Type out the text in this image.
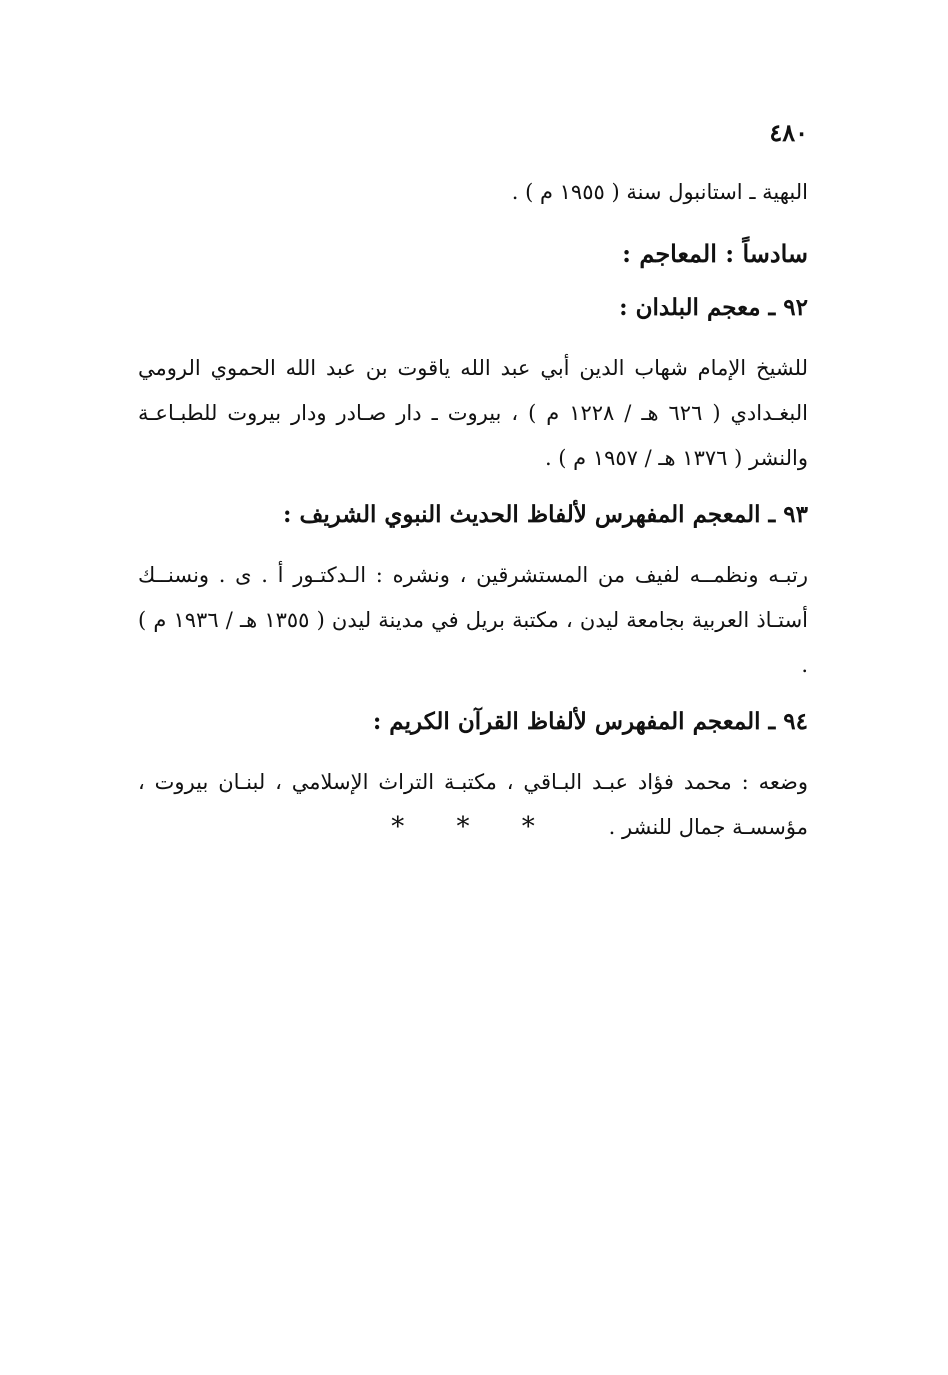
٤٨٠

البهية ـ استانبول سنة ( ١٩٥٥ م ) .

سادساً : المعاجم :
٩٢ ـ معجم البلدان :

للشيخ الإمام شهاب الدين أبي عبد الله ياقوت بن عبد الله الحموي الرومي البغـدادي ( ٦٢٦ هـ / ١٢٢٨ م ) ، بيروت ـ دار صـادر ودار بيروت للطبـاعـة والنشر ( ١٣٧٦ هـ / ١٩٥٧ م ) .

٩٣ ـ المعجم المفهرس لألفاظ الحديث النبوي الشريف :

رتبـه ونظمــه لفيف من المستشرقين ، ونشره : الـدكتـور أ . ى . ونسنــك أستـاذ العربية بجامعة ليدن ، مكتبة بريل في مدينة ليدن ( ١٣٥٥ هـ / ١٩٣٦ م ) .

٩٤ ـ المعجم المفهرس لألفاظ القرآن الكريم :

وضعه : محمد فؤاد عبـد البـاقي ، مكتبـة التراث الإسلامي ، لبنـان بيروت ، مؤسسـة جمال للنشر .

* * *
